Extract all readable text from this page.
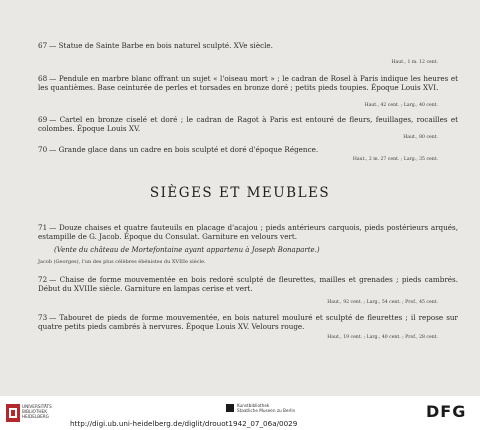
67 — Statue de Sainte Barbe en bois naturel sculpté. XVe siècle.
Haut., 1 m. 12 cent.
68 — Pendule en marbre blanc offrant un sujet « l'oiseau mort » ; le cadran de Rosel à Paris indique les heures et les quantièmes. Base ceinturée de perles et torsades en bronze doré ; petits pieds toupies. Époque Louis XVI.
Haut., 42 cent. ; Larg., 40 cent.
69 — Cartel en bronze ciselé et doré ; le cadran de Ragot à Paris est entouré de fleurs, feuillages, rocailles et colombes. Époque Louis XV.
Haut., 80 cent.
70 — Grande glace dans un cadre en bois sculpté et doré d'époque Régence.
Haut., 2 m. 27 cent. ; Larg., 35 cent.
SIÈGES ET MEUBLES
71 — Douze chaises et quatre fauteuils en placage d'acajou ; pieds antérieurs carquois, pieds postérieurs arqués, estampille de G. Jacob. Époque du Consulat. Garniture en velours vert.
(Vente du château de Mortefontaine ayant appartenu à Joseph Bonaparte.)
Jacob (Georges), l'un des plus célèbres ébénistes du XVIIIe siècle.
72 — Chaise de forme mouvementée en bois redoré sculpté de fleurettes, mailles et grenades ; pieds cambrés. Début du XVIIIe siècle. Garniture en lampas cerise et vert.
Haut., 92 cent. ; Larg., 54 cent. ; Prof., 45 cent.
73 — Tabouret de pieds de forme mouvementée, en bois naturel mouluré et sculpté de fleurettes ; il repose sur quatre petits pieds cambrés à nervures. Époque Louis XV. Velours rouge.
Haut., 19 cent. ; Larg., 40 cent. ; Prof., 28 cent.
UNIVERSITÄTS
BIBLIOTHEK
HEIDELBERG
http://digi.ub.uni-heidelberg.de/diglit/drouot1942_07_06a/0029
Kunstbibliothek
Staatliche Museen zu Berlin	DFG
